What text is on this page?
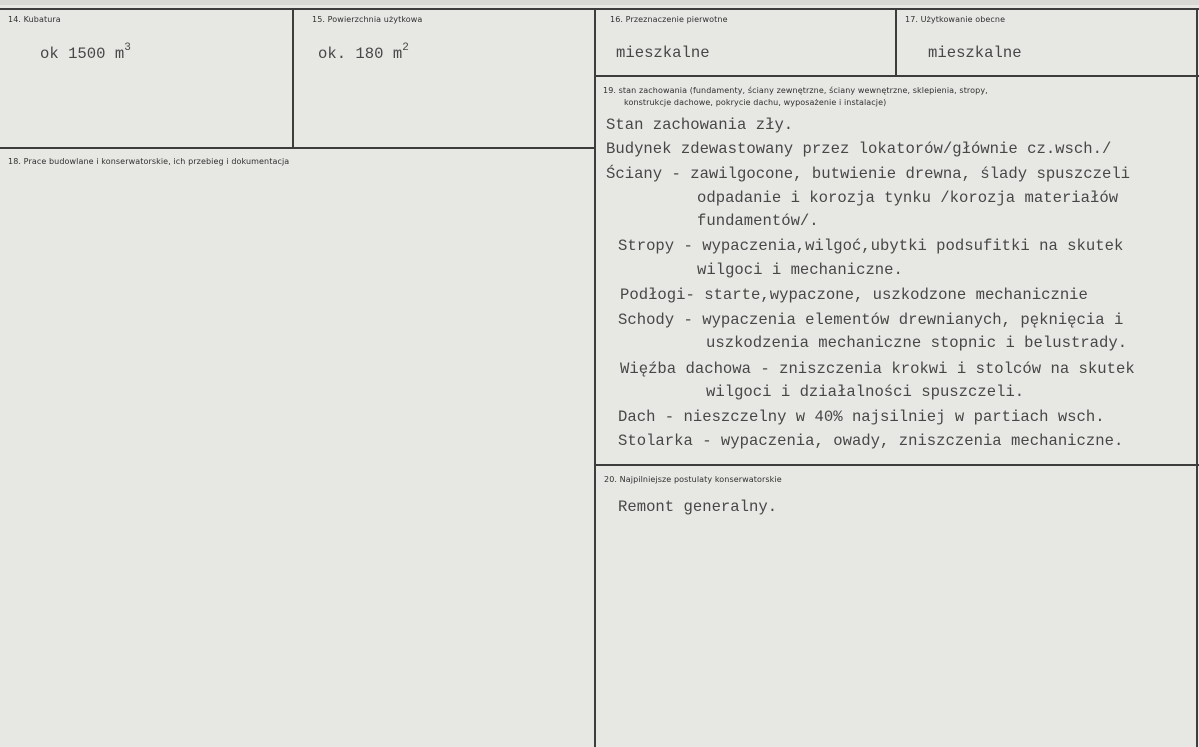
14. Kubatura
ok 1500 $m^3$
15. Powierzchnia użytkowa
ok. 180 $m^2$
16. Przeznaczenie pierwotne
mieszkalne
17. Użytkowanie obecne
mieszkalne
18. Prace budowlane i konserwatorskie, ich przebieg i dokumentacja
19. stan zachowania (fundamenty, ściany zewnętrzne, ściany wewnętrzne, sklepienia, stropy,
konstrukcje dachowe, pokrycie dachu, wyposażenie i instalacje)
Stan zachowania zły.
Budynek zdewastowany przez lokatorów/głównie cz.wsch./
Ściany - zawilgocone, butwienie drewna, ślady spuszczeli
odpadanie i korozja tynku /korozja materiałów
fundamentów/.
Stropy - wypaczenia,wilgoć,ubytki podsufitki na skutek
wilgoci i mechaniczne.
Podłogi- starte,wypaczone, uszkodzone mechanicznie
Schody - wypaczenia elementów drewnianych, pęknięcia i
uszkodzenia mechaniczne stopnic i belustrady.
Więźba dachowa - zniszczenia krokwi i stolców na skutek
wilgoci i działalności spuszczeli.
Dach - nieszczelny w 40% najsilniej w partiach wsch.
Stolarka - wypaczenia, owady, zniszczenia mechaniczne.
20. Najpilniejsze postulaty konserwatorskie
Remont generalny.
